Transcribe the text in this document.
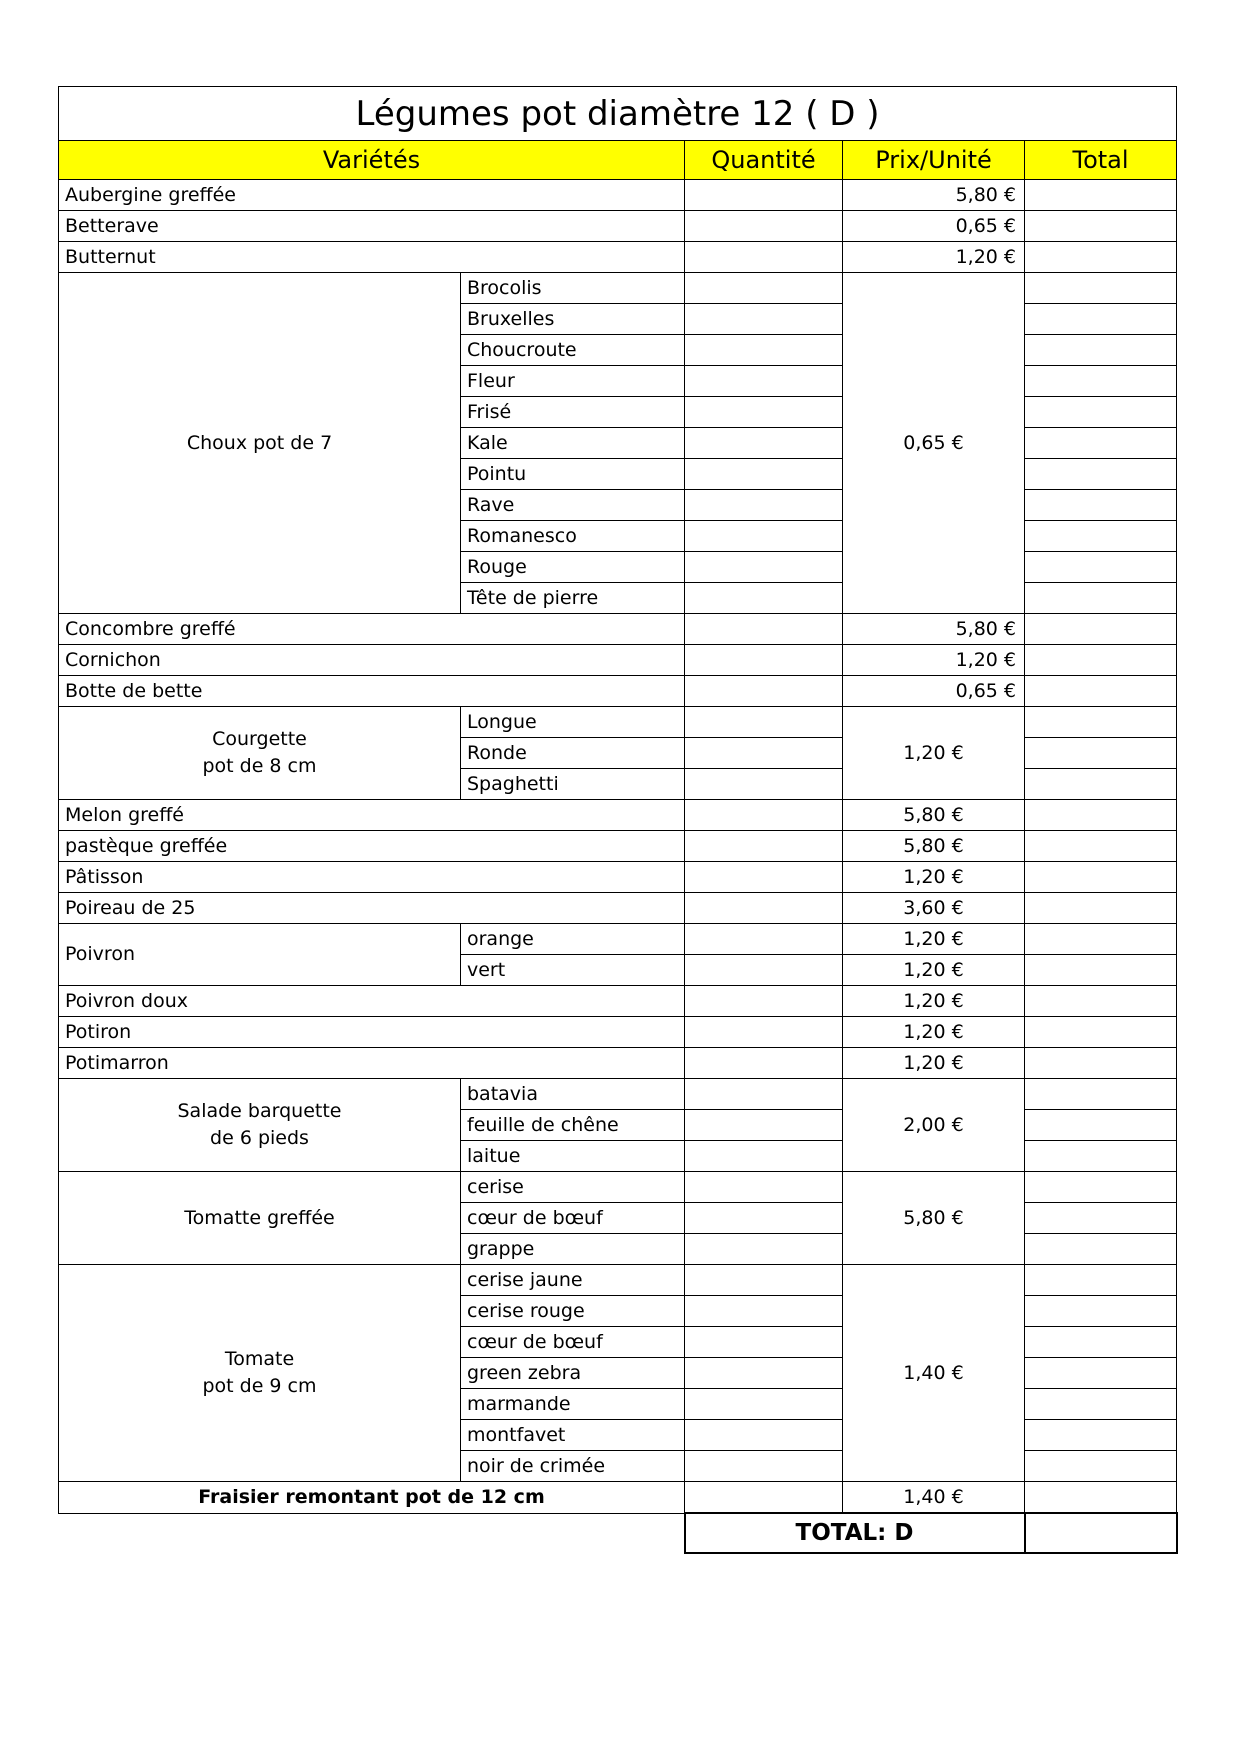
Légumes pot diamètre 12 ( D )				
Variétés		Quantité	Prix/Unité	Total
Aubergine greffée			5,80 €	
Betterave			0,65 €	
Butternut			1,20 €	
Choux pot de 7	Brocolis		0,65 €	
	Bruxelles			
	Choucroute			
	Fleur			
	Frisé			
	Kale			
	Pointu			
	Rave			
	Romanesco			
	Rouge			
	Tête de pierre			
Concombre greffé			5,80 €	
Cornichon			1,20 €	
Botte de bette			0,65 €	

Courgette
pot de 8 cm	Longue		1,20 €	
	Ronde			
	Spaghetti			
Melon greffé			5,80 €	
pastèque greffée			5,80 €	
Pâtisson			1,20 €	
Poireau de 25			3,60 €	
Poivron	orange		1,20 €	
	vert		1,20 €	
Poivron doux			1,20 €	
Potiron			1,20 €	
Potimarron			1,20 €	

Salade barquette
de 6 pieds	batavia		2,00 €	
	feuille de chêne			
	laitue			
Tomatte greffée	cerise		5,80 €	
	cœur de bœuf			
	grappe			

Tomate
pot de 9 cm	cerise jaune		1,40 €	
	cerise rouge			
	cœur de bœuf			
	green zebra			
	marmande			
	montfavet			
	noir de crimée			
Fraisier remontant pot de 12 cm			1,40 €	
		TOTAL: D		
